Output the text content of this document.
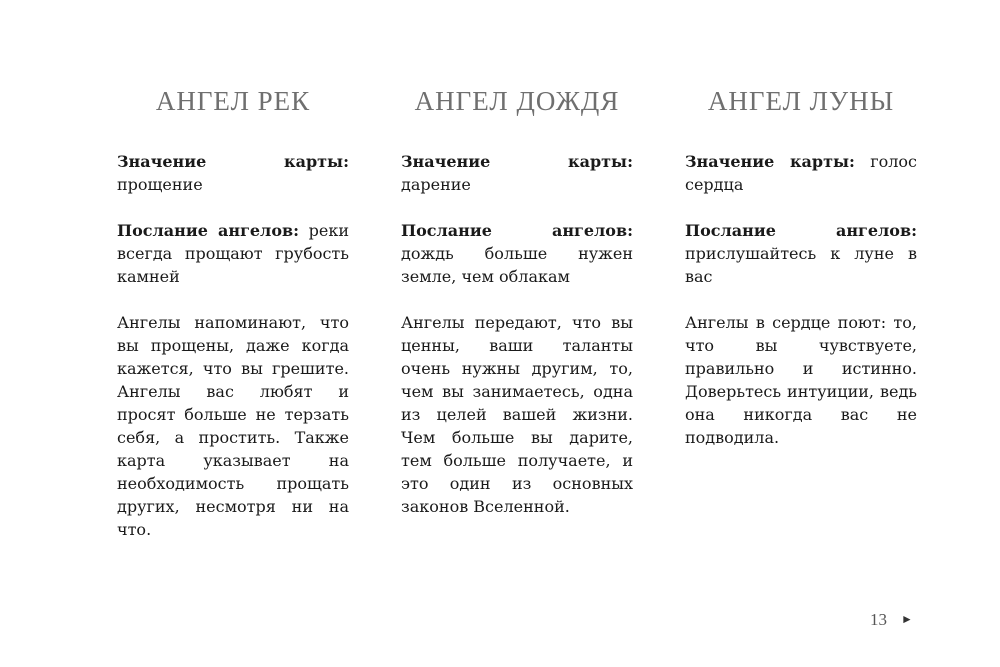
АНГЕЛ РЕК

Значение карты: прощение

Послание ангелов: реки всегда прощают грубость камней

Ангелы напоминают, что вы прощены, даже когда кажется, что вы грешите. Ангелы вас любят и просят больше не терзать себя, а простить. Также карта указывает на необходимость прощать других, несмотря ни на что.

АНГЕЛ ДОЖДЯ

Значение карты: дарение

Послание ангелов: дождь больше нужен земле, чем облакам

Ангелы передают, что вы ценны, ваши таланты очень нужны другим, то, чем вы занимаетесь, одна из целей вашей жизни. Чем больше вы дарите, тем больше получаете, и это один из основных законов Вселенной.

АНГЕЛ ЛУНЫ

Значение карты: голос сердца

Послание ангелов: прислушайтесь к луне в вас

Ангелы в сердце поют: то, что вы чувствуете, правильно и истинно. Доверьтесь интуиции, ведь она никогда вас не подводила.

13 ►
